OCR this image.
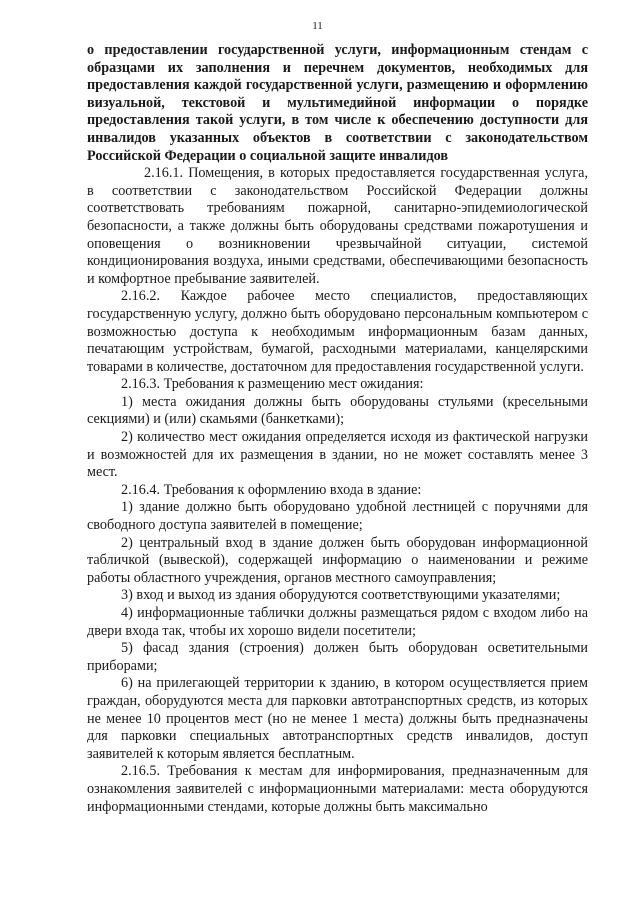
11

о предоставлении государственной услуги, информационным стендам с образцами их заполнения и перечнем документов, необходимых для предоставления каждой государственной услуги, размещению и оформлению визуальной, текстовой и мультимедийной информации о порядке предоставления такой услуги, в том числе к обеспечению доступности для инвалидов указанных объектов в соответствии с законодательством Российской Федерации о социальной защите инвалидов

2.16.1. Помещения, в которых предоставляется государственная услуга, в соответствии с законодательством Российской Федерации должны соответствовать требованиям пожарной, санитарно-эпидемиологической безопасности, а также должны быть оборудованы средствами пожаротушения и оповещения о возникновении чрезвычайной ситуации, системой кондиционирования воздуха, иными средствами, обеспечивающими безопасность и комфортное пребывание заявителей.

2.16.2. Каждое рабочее место специалистов, предоставляющих государственную услугу, должно быть оборудовано персональным компьютером с возможностью доступа к необходимым информационным базам данных, печатающим устройствам, бумагой, расходными материалами, канцелярскими товарами в количестве, достаточном для предоставления государственной услуги.

2.16.3. Требования к размещению мест ожидания:

1) места ожидания должны быть оборудованы стульями (кресельными секциями) и (или) скамьями (банкетками);

2) количество мест ожидания определяется исходя из фактической нагрузки и возможностей для их размещения в здании, но не может составлять менее 3 мест.

2.16.4. Требования к оформлению входа в здание:

1) здание должно быть оборудовано удобной лестницей с поручнями для свободного доступа заявителей в помещение;

2) центральный вход в здание должен быть оборудован информационной табличкой (вывеской), содержащей информацию о наименовании и режиме работы областного учреждения, органов местного самоуправления;

3) вход и выход из здания оборудуются соответствующими указателями;

4) информационные таблички должны размещаться рядом с входом либо на двери входа так, чтобы их хорошо видели посетители;

5) фасад здания (строения) должен быть оборудован осветительными приборами;

6) на прилегающей территории к зданию, в котором осуществляется прием граждан, оборудуются места для парковки автотранспортных средств, из которых не менее 10 процентов мест (но не менее 1 места) должны быть предназначены для парковки специальных автотранспортных средств инвалидов, доступ заявителей к которым является бесплатным.

2.16.5. Требования к местам для информирования, предназначенным для ознакомления заявителей с информационными материалами: места оборудуются информационными стендами, которые должны быть максимально
